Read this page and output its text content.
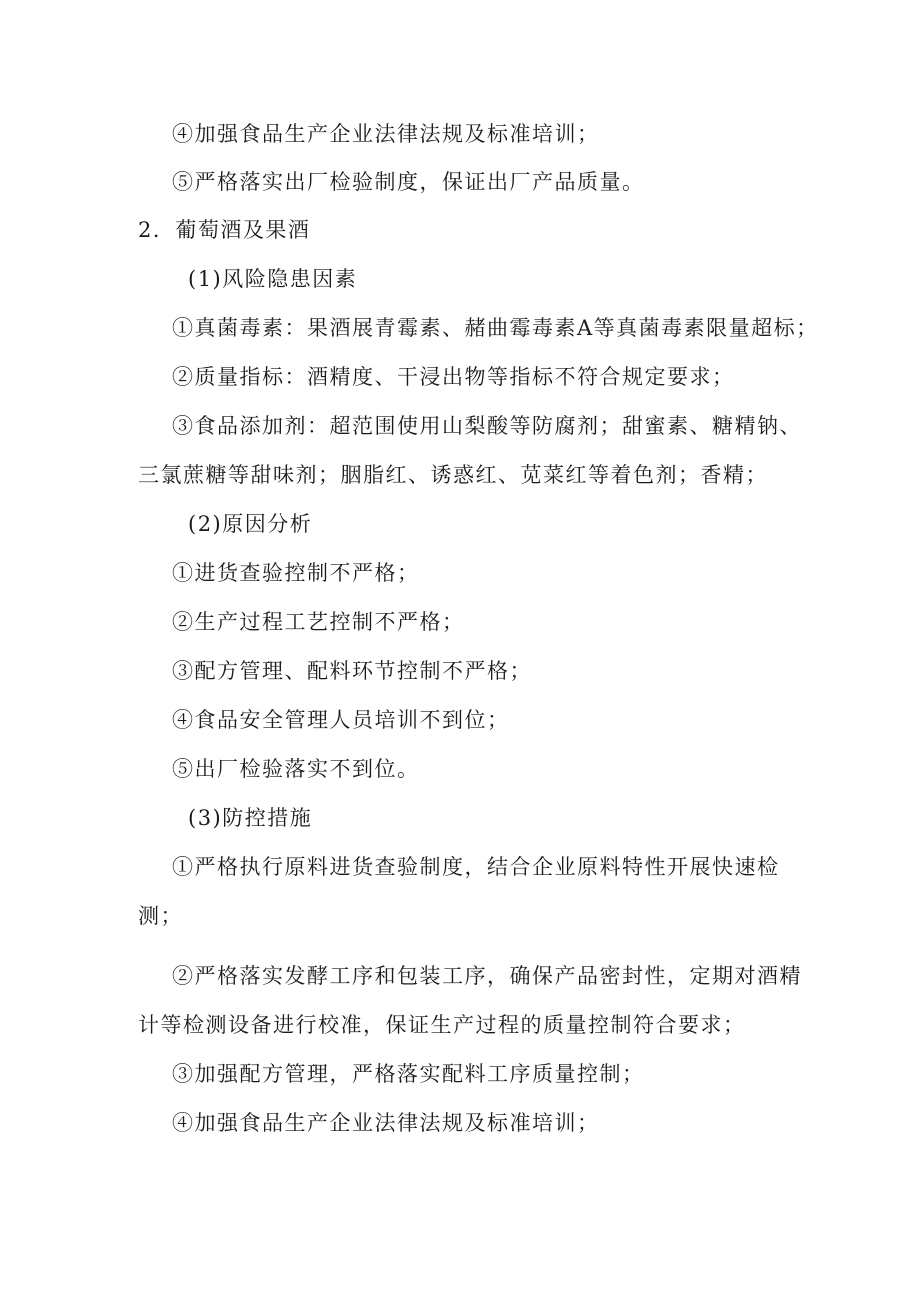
④加强食品生产企业法律法规及标准培训；
⑤严格落实出厂检验制度，保证出厂产品质量。
2．葡萄酒及果酒
(1)风险隐患因素
①真菌毒素：果酒展青霉素、赭曲霉毒素A等真菌毒素限量超标；
②质量指标：酒精度、干浸出物等指标不符合规定要求；
③食品添加剂：超范围使用山梨酸等防腐剂；甜蜜素、糖精钠、
三氯蔗糖等甜味剂；胭脂红、诱惑红、苋菜红等着色剂；香精；
(2)原因分析
①进货查验控制不严格；
②生产过程工艺控制不严格；
③配方管理、配料环节控制不严格；
④食品安全管理人员培训不到位；
⑤出厂检验落实不到位。
(3)防控措施
①严格执行原料进货查验制度，结合企业原料特性开展快速检
测；
②严格落实发酵工序和包装工序，确保产品密封性，定期对酒精
计等检测设备进行校准，保证生产过程的质量控制符合要求；
③加强配方管理，严格落实配料工序质量控制；
④加强食品生产企业法律法规及标准培训；
